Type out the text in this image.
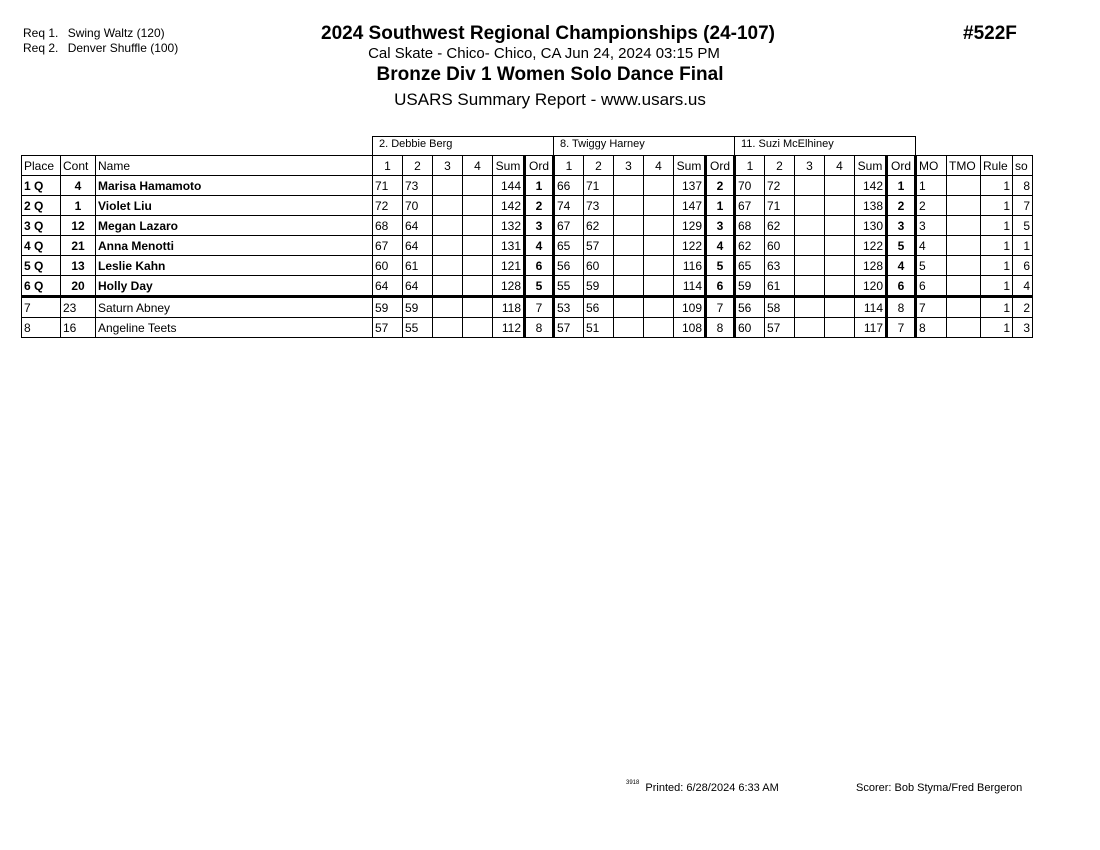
Req 1. Swing Waltz (120)
Req 2. Denver Shuffle (100)
2024 Southwest Regional Championships (24-107)
Cal Skate - Chico- Chico, CA Jun 24, 2024 03:15 PM
Bronze Div 1 Women Solo Dance Final
USARS Summary Report - www.usars.us
#522F
			2. Debbie Berg						8. Twiggy Harney						11. Suzi McElhiney									
Place	Cont	Name	1	2	3	4	Sum	Ord	1	2	3	4	Sum	Ord	1	2	3	4	Sum	Ord	MO	TMO	Rule	so
1 Q	4	Marisa Hamamoto	71	73			144	1	66	71			137	2	70	72			142	1	1		1	8
2 Q	1	Violet Liu	72	70			142	2	74	73			147	1	67	71			138	2	2		1	7
3 Q	12	Megan Lazaro	68	64			132	3	67	62			129	3	68	62			130	3	3		1	5
4 Q	21	Anna Menotti	67	64			131	4	65	57			122	4	62	60			122	5	4		1	1
5 Q	13	Leslie Kahn	60	61			121	6	56	60			116	5	65	63			128	4	5		1	6
6 Q	20	Holly Day	64	64			128	5	55	59			114	6	59	61			120	6	6		1	4
7	23	Saturn Abney	59	59			118	7	53	56			109	7	56	58			114	8	7		1	2
8	16	Angeline Teets	57	55			112	8	57	51			108	8	60	57			117	7	8		1	3
$^{3918}$ Printed: 6/28/2024 6:33 AM	Scorer: Bob Styma/Fred Bergeron
